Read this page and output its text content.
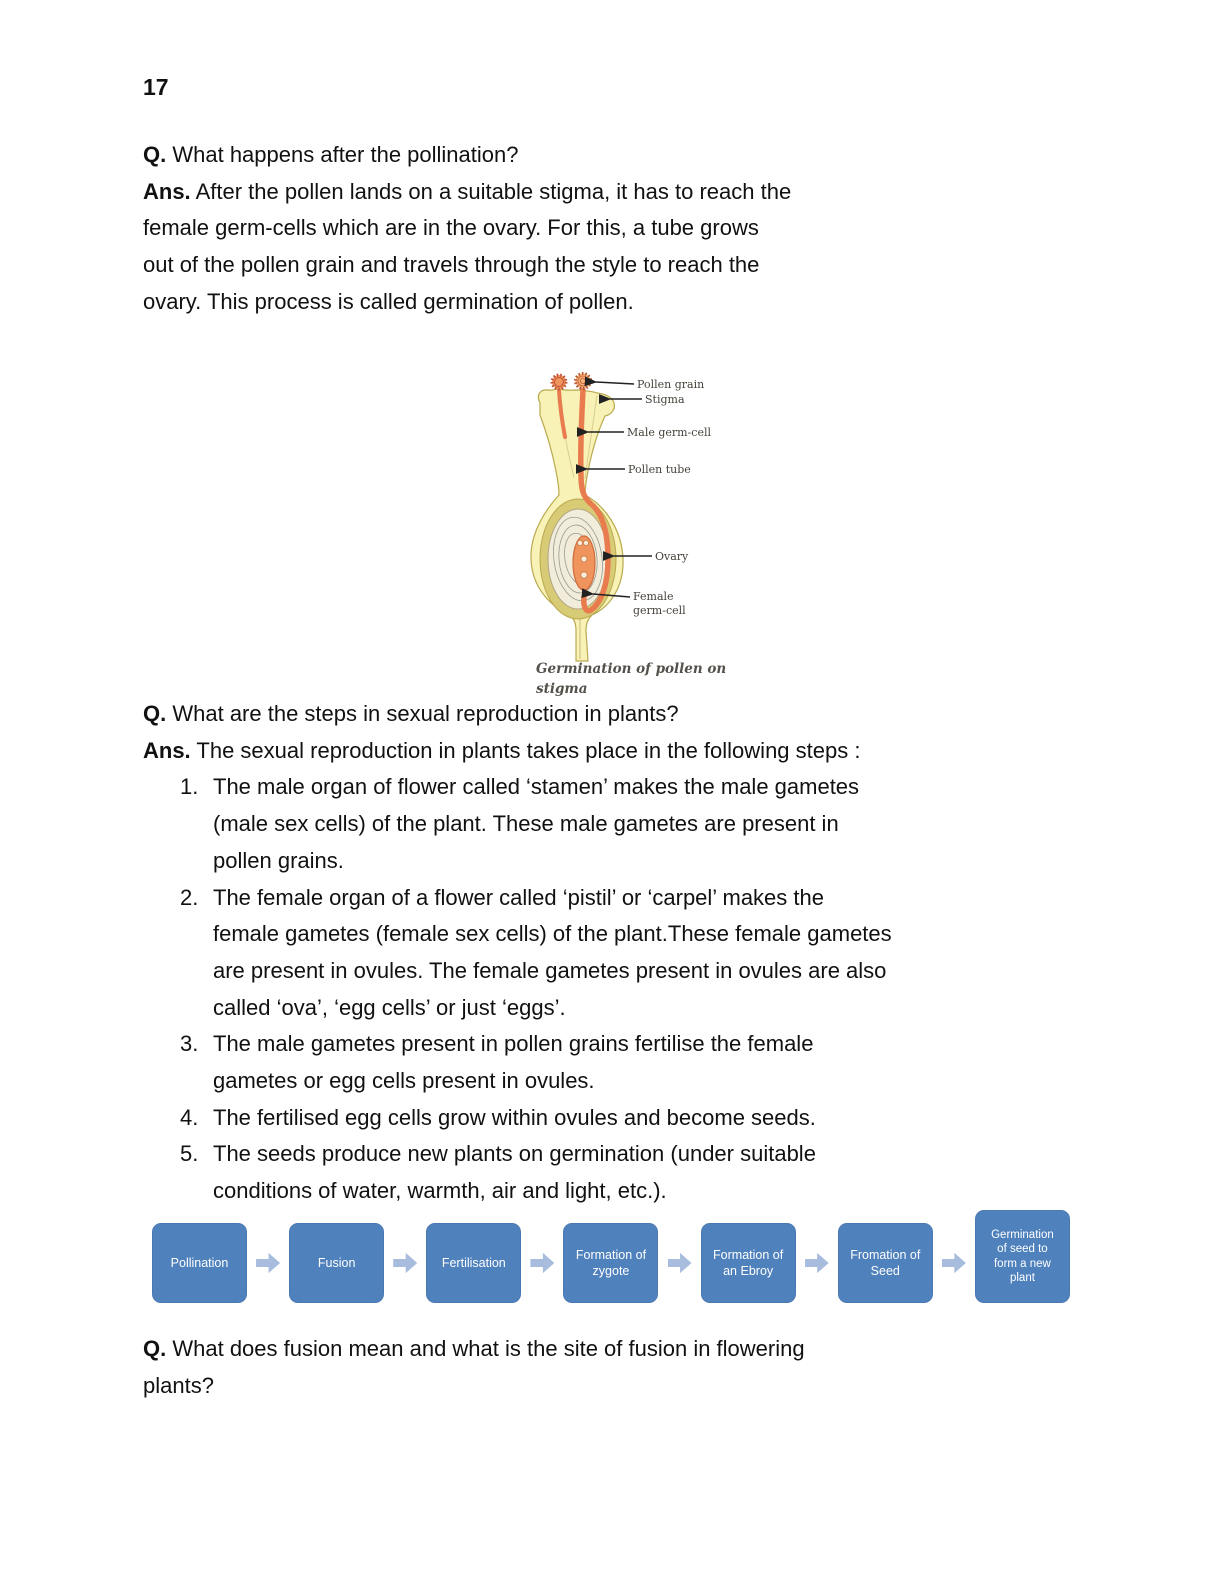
17
Q. What happens after the pollination?
Ans. After the pollen lands on a suitable stigma, it has to reach the
female germ-cells which are in the ovary. For this, a tube grows
out of the pollen grain and travels through the style to reach the
ovary. This process is called germination of pollen.
Pollen grain
Stigma
Male germ-cell
Pollen tube
Ovary
Female
germ-cell
Germination of pollen on
stigma
Q. What are the steps in sexual reproduction in plants?
Ans. The sexual reproduction in plants takes place in the following steps :
1. The male organ of flower called ‘stamen’ makes the male gametes
(male sex cells) of the plant. These male gametes are present in
pollen grains.
2. The female organ of a flower called ‘pistil’ or ‘carpel’ makes the
female gametes (female sex cells) of the plant.These female gametes
are present in ovules. The female gametes present in ovules are also
called ‘ova’, ‘egg cells’ or just ‘eggs’.
3. The male gametes present in pollen grains fertilise the female
gametes or egg cells present in ovules.
4. The fertilised egg cells grow within ovules and become seeds.
5. The seeds produce new plants on germination (under suitable
conditions of water, warmth, air and light, etc.).
Pollination	Fusion	Fertilisation
Formation of
zygote
Formation of
an Ebroy
Fromation of
Seed
Germination
of seed to
form a new
plant
Q. What does fusion mean and what is the site of fusion in flowering
plants?
